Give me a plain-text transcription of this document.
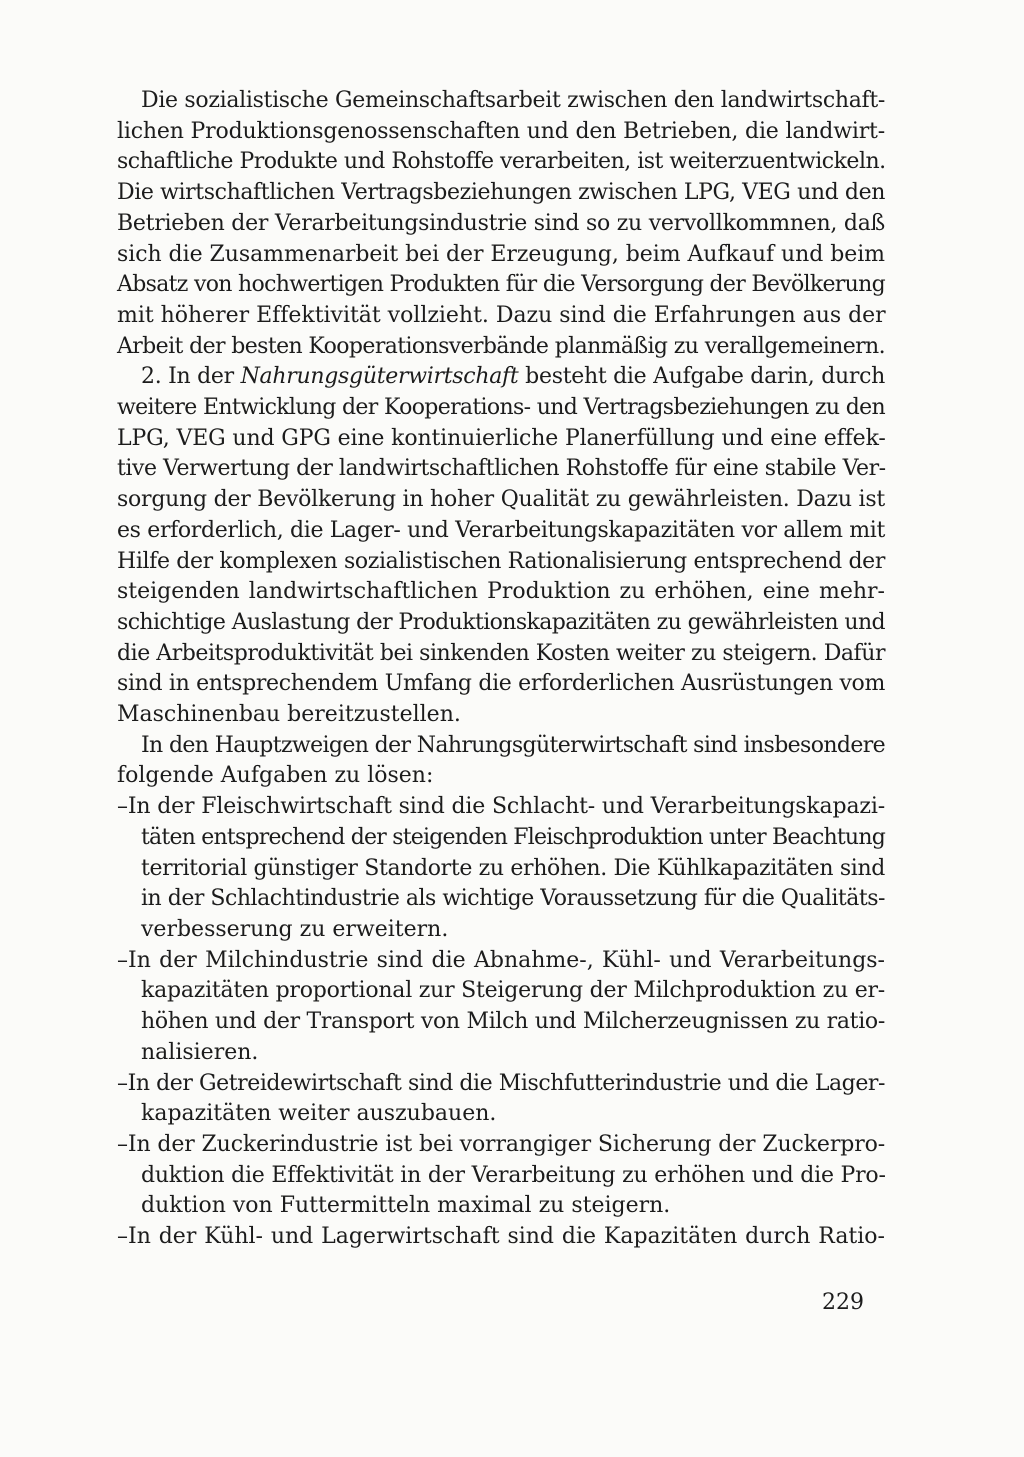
Die sozialistische Gemeinschaftsarbeit zwischen den landwirtschaft-
lichen Produktionsgenossenschaften und den Betrieben, die landwirt-
schaftliche Produkte und Rohstoffe verarbeiten, ist weiterzuentwickeln.
Die wirtschaftlichen Vertragsbeziehungen zwischen LPG, VEG und den
Betrieben der Verarbeitungsindustrie sind so zu vervollkommnen, daß
sich die Zusammenarbeit bei der Erzeugung, beim Aufkauf und beim
Absatz von hochwertigen Produkten für die Versorgung der Bevölkerung
mit höherer Effektivität vollzieht. Dazu sind die Erfahrungen aus der
Arbeit der besten Kooperationsverbände planmäßig zu verallgemeinern.
2. In der Nahrungsgüterwirtschaft besteht die Aufgabe darin, durch
weitere Entwicklung der Kooperations- und Vertragsbeziehungen zu den
LPG, VEG und GPG eine kontinuierliche Planerfüllung und eine effek-
tive Verwertung der landwirtschaftlichen Rohstoffe für eine stabile Ver-
sorgung der Bevölkerung in hoher Qualität zu gewährleisten. Dazu ist
es erforderlich, die Lager- und Verarbeitungskapazitäten vor allem mit
Hilfe der komplexen sozialistischen Rationalisierung entsprechend der
steigenden landwirtschaftlichen Produktion zu erhöhen, eine mehr-
schichtige Auslastung der Produktionskapazitäten zu gewährleisten und
die Arbeitsproduktivität bei sinkenden Kosten weiter zu steigern. Dafür
sind in entsprechendem Umfang die erforderlichen Ausrüstungen vom
Maschinenbau bereitzustellen.
In den Hauptzweigen der Nahrungsgüterwirtschaft sind insbesondere
folgende Aufgaben zu lösen:
–In der Fleischwirtschaft sind die Schlacht- und Verarbeitungskapazi-
täten entsprechend der steigenden Fleischproduktion unter Beachtung
territorial günstiger Standorte zu erhöhen. Die Kühlkapazitäten sind
in der Schlachtindustrie als wichtige Voraussetzung für die Qualitäts-
verbesserung zu erweitern.
–In der Milchindustrie sind die Abnahme-, Kühl- und Verarbeitungs-
kapazitäten proportional zur Steigerung der Milchproduktion zu er-
höhen und der Transport von Milch und Milcherzeugnissen zu ratio-
nalisieren.
–In der Getreidewirtschaft sind die Mischfutterindustrie und die Lager-
kapazitäten weiter auszubauen.
–In der Zuckerindustrie ist bei vorrangiger Sicherung der Zuckerpro-
duktion die Effektivität in der Verarbeitung zu erhöhen und die Pro-
duktion von Futtermitteln maximal zu steigern.
–In der Kühl- und Lagerwirtschaft sind die Kapazitäten durch Ratio-
229
